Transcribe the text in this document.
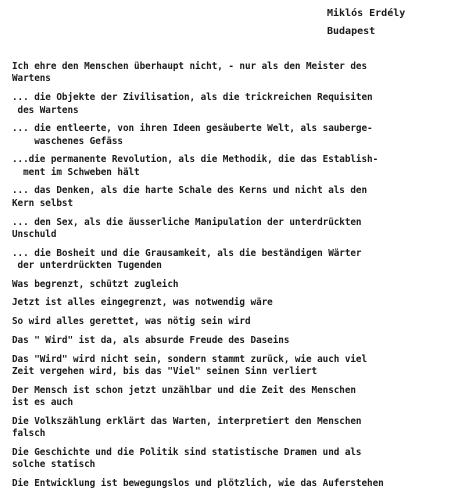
Miklós Erdély
Budapest
Ich ehre den Menschen überhaupt nicht, - nur als den Meister des
Wartens
... die Objekte der Zivilisation, als die trickreichen Requisiten
des Wartens
... die entleerte, von ihren Ideen gesäuberte Welt, als saubergе-
waschenes Gefäss
...die permanente Revolution, als die Methodik, die das Establish-
ment im Schweben hält
... das Denken, als die harte Schale des Kerns und nicht als den
Kern selbst
... den Sex, als die äusserliche Manipulation der unterdrückten
Unschuld
... die Bosheit und die Grausamkeit, als die beständigen Wärter
der unterdrückten Tugenden
Was begrenzt, schützt zugleich
Jetzt ist alles eingegrenzt, was notwendig wäre
So wird alles gerettet, was nötig sein wird
Das " Wird" ist da, als absurde Freude des Daseins
Das "Wird" wird nicht sein, sondern stammt zurück, wie auch viel
Zeit vergehen wird, bis das "Viel" seinen Sinn verliert
Der Mensch ist schon jetzt unzählbar und die Zeit des Menschen
ist es auch
Die Volkszählung erklärt das Warten, interpretiert den Menschen
falsch
Die Geschichte und die Politik sind statistische Dramen und als
solche statisch
Die Entwicklung ist bewegungslos und plötzlich, wie das Auferstehen
